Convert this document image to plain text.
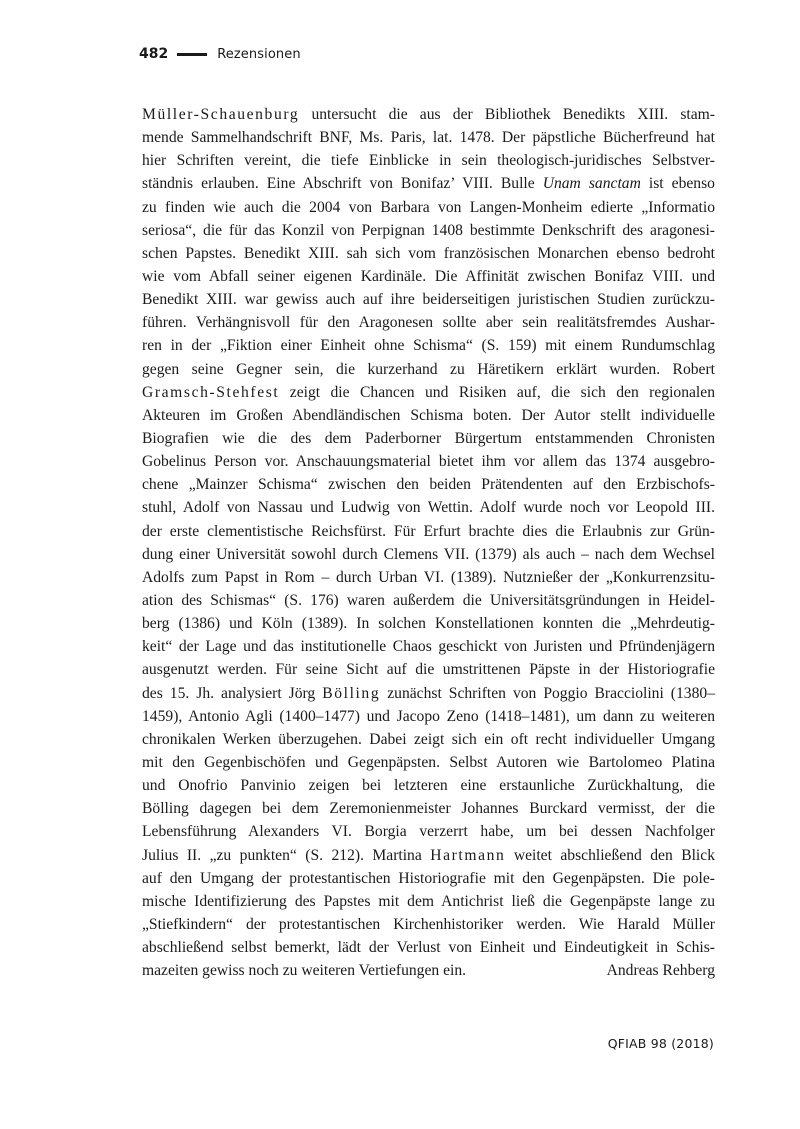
482	Rezensionen
Müller-Schauenburg untersucht die aus der Bibliothek Benedikts XIII. stam-
mende Sammelhandschrift BNF, Ms. Paris, lat. 1478. Der päpstliche Bücherfreund hat
hier Schriften vereint, die tiefe Einblicke in sein theologisch-juridisches Selbstver-
ständnis erlauben. Eine Abschrift von Bonifaz’ VIII. Bulle Unam sanctam ist ebenso
zu finden wie auch die 2004 von Barbara von Langen-Monheim edierte „Informatio
seriosa“, die für das Konzil von Perpignan 1408 bestimmte Denkschrift des aragonesi-
schen Papstes. Benedikt XIII. sah sich vom französischen Monarchen ebenso bedroht
wie vom Abfall seiner eigenen Kardinäle. Die Affinität zwischen Bonifaz VIII. und
Benedikt XIII. war gewiss auch auf ihre beiderseitigen juristischen Studien zurückzu-
führen. Verhängnisvoll für den Aragonesen sollte aber sein realitätsfremdes Aushar-
ren in der „Fiktion einer Einheit ohne Schisma“ (S. 159) mit einem Rundumschlag
gegen seine Gegner sein, die kurzerhand zu Häretikern erklärt wurden. Robert
Gramsch-Stehfest zeigt die Chancen und Risiken auf, die sich den regionalen
Akteuren im Großen Abendländischen Schisma boten. Der Autor stellt individuelle
Biografien wie die des dem Paderborner Bürgertum entstammenden Chronisten
Gobelinus Person vor. Anschauungsmaterial bietet ihm vor allem das 1374 ausgebro-
chene „Mainzer Schisma“ zwischen den beiden Prätendenten auf den Erzbischofs-
stuhl, Adolf von Nassau und Ludwig von Wettin. Adolf wurde noch vor Leopold III.
der erste clementistische Reichsfürst. Für Erfurt brachte dies die Erlaubnis zur Grün-
dung einer Universität sowohl durch Clemens VII. (1379) als auch – nach dem Wechsel
Adolfs zum Papst in Rom – durch Urban VI. (1389). Nutznießer der „Konkurrenzsitu-
ation des Schismas“ (S. 176) waren außerdem die Universitätsgründungen in Heidel-
berg (1386) und Köln (1389). In solchen Konstellationen konnten die „Mehrdeutig-
keit“ der Lage und das institutionelle Chaos geschickt von Juristen und Pfründenjägern
ausgenutzt werden. Für seine Sicht auf die umstrittenen Päpste in der Historiografie
des 15. Jh. analysiert Jörg Bölling zunächst Schriften von Poggio Bracciolini (1380–
1459), Antonio Agli (1400–1477) und Jacopo Zeno (1418–1481), um dann zu weiteren
chronikalen Werken überzugehen. Dabei zeigt sich ein oft recht individueller Umgang
mit den Gegenbischöfen und Gegenpäpsten. Selbst Autoren wie Bartolomeo Platina
und Onofrio Panvinio zeigen bei letzteren eine erstaunliche Zurückhaltung, die
Bölling dagegen bei dem Zeremonienmeister Johannes Burckard vermisst, der die
Lebensführung Alexanders VI. Borgia verzerrt habe, um bei dessen Nachfolger
Julius II. „zu punkten“ (S. 212). Martina Hartmann weitet abschließend den Blick
auf den Umgang der protestantischen Historiografie mit den Gegenpäpsten. Die pole-
mische Identifizierung des Papstes mit dem Antichrist ließ die Gegenpäpste lange zu
„Stiefkindern“ der protestantischen Kirchenhistoriker werden. Wie Harald Müller
abschließend selbst bemerkt, lädt der Verlust von Einheit und Eindeutigkeit in Schis-
mazeiten gewiss noch zu weiteren Vertiefungen ein.	Andreas Rehberg
QFIAB 98 (2018)
